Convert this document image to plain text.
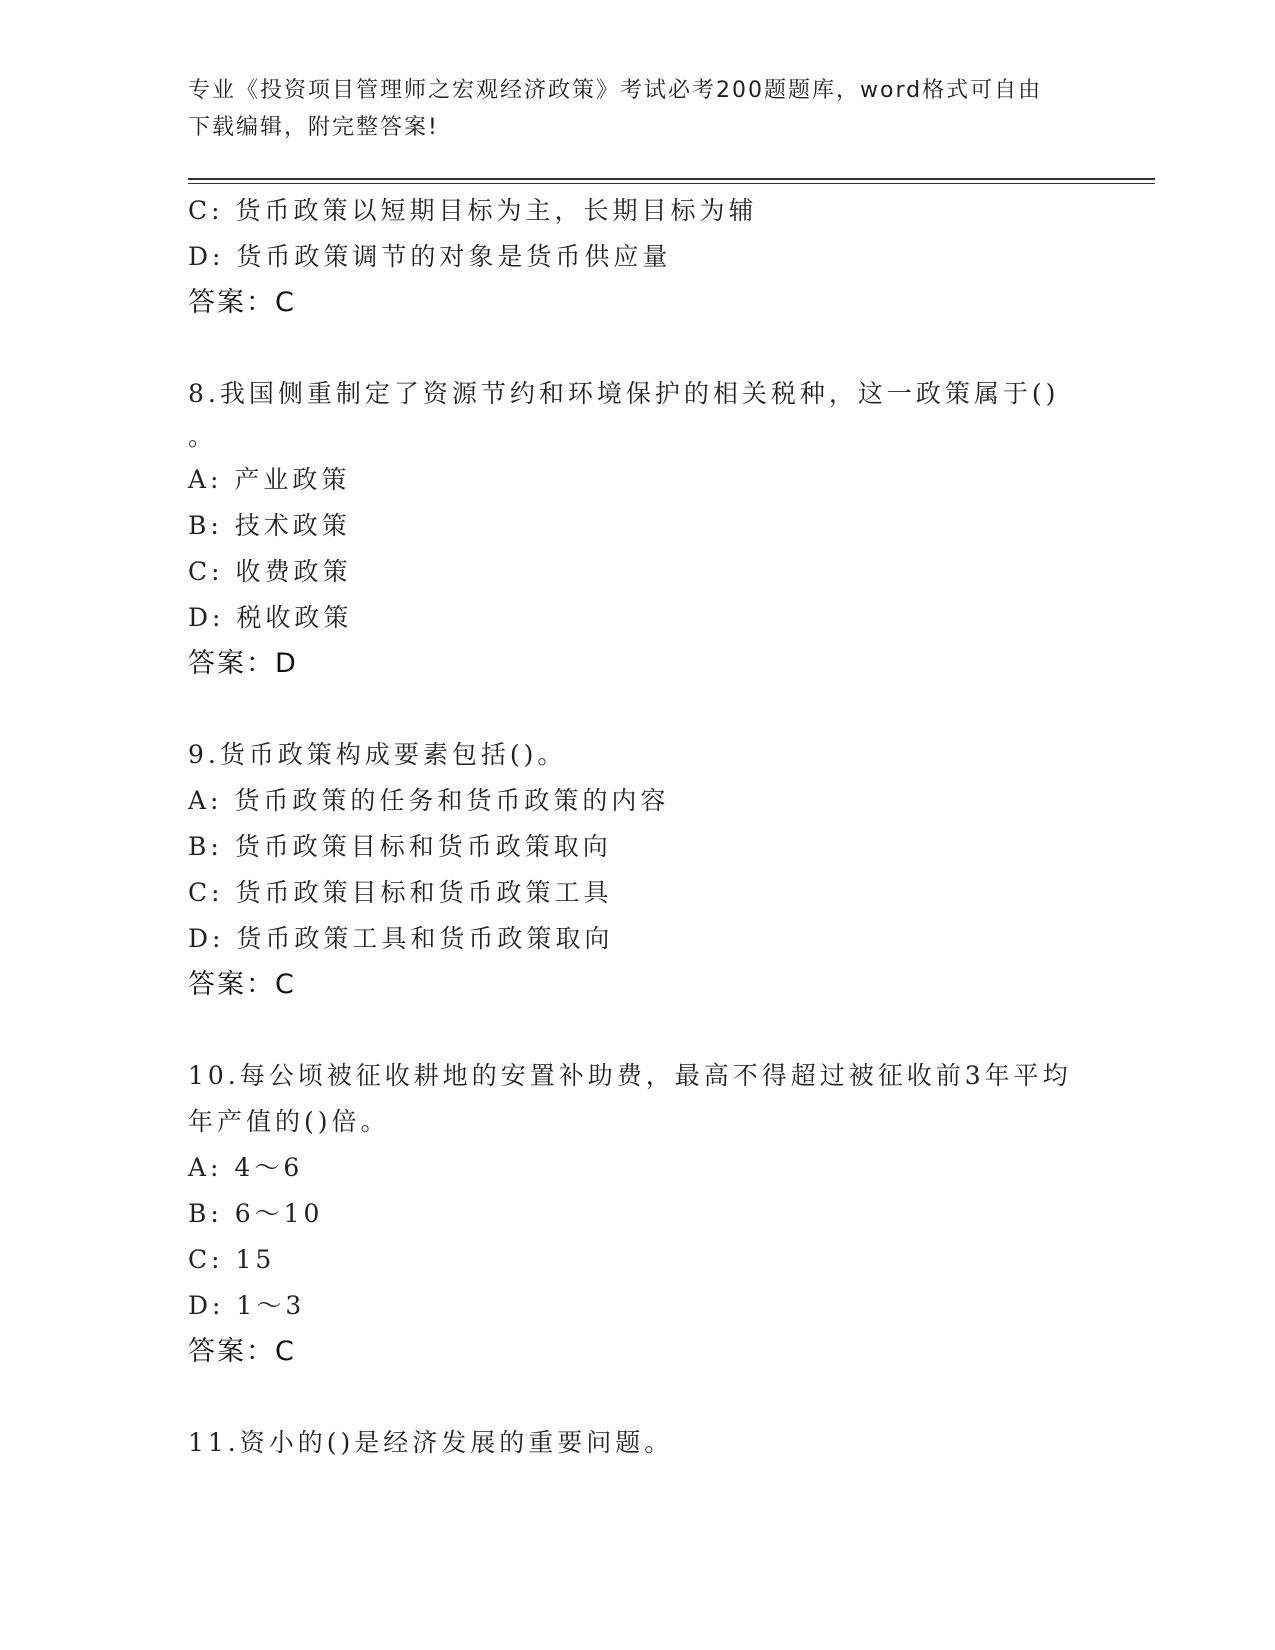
专业《投资项目管理师之宏观经济政策》考试必考200题题库，word格式可自由
下载编辑，附完整答案!
C: 货币政策以短期目标为主，长期目标为辅
D: 货币政策调节的对象是货币供应量
答案：C
8.我国侧重制定了资源节约和环境保护的相关税种，这一政策属于()
。
A: 产业政策
B: 技术政策
C: 收费政策
D: 税收政策
答案：D
9.货币政策构成要素包括()。
A: 货币政策的任务和货币政策的内容
B: 货币政策目标和货币政策取向
C: 货币政策目标和货币政策工具
D: 货币政策工具和货币政策取向
答案：C
10.每公顷被征收耕地的安置补助费，最高不得超过被征收前3年平均
年产值的()倍。
A: 4～6
B: 6～10
C: 15
D: 1～3
答案：C
11.资小的()是经济发展的重要问题。
